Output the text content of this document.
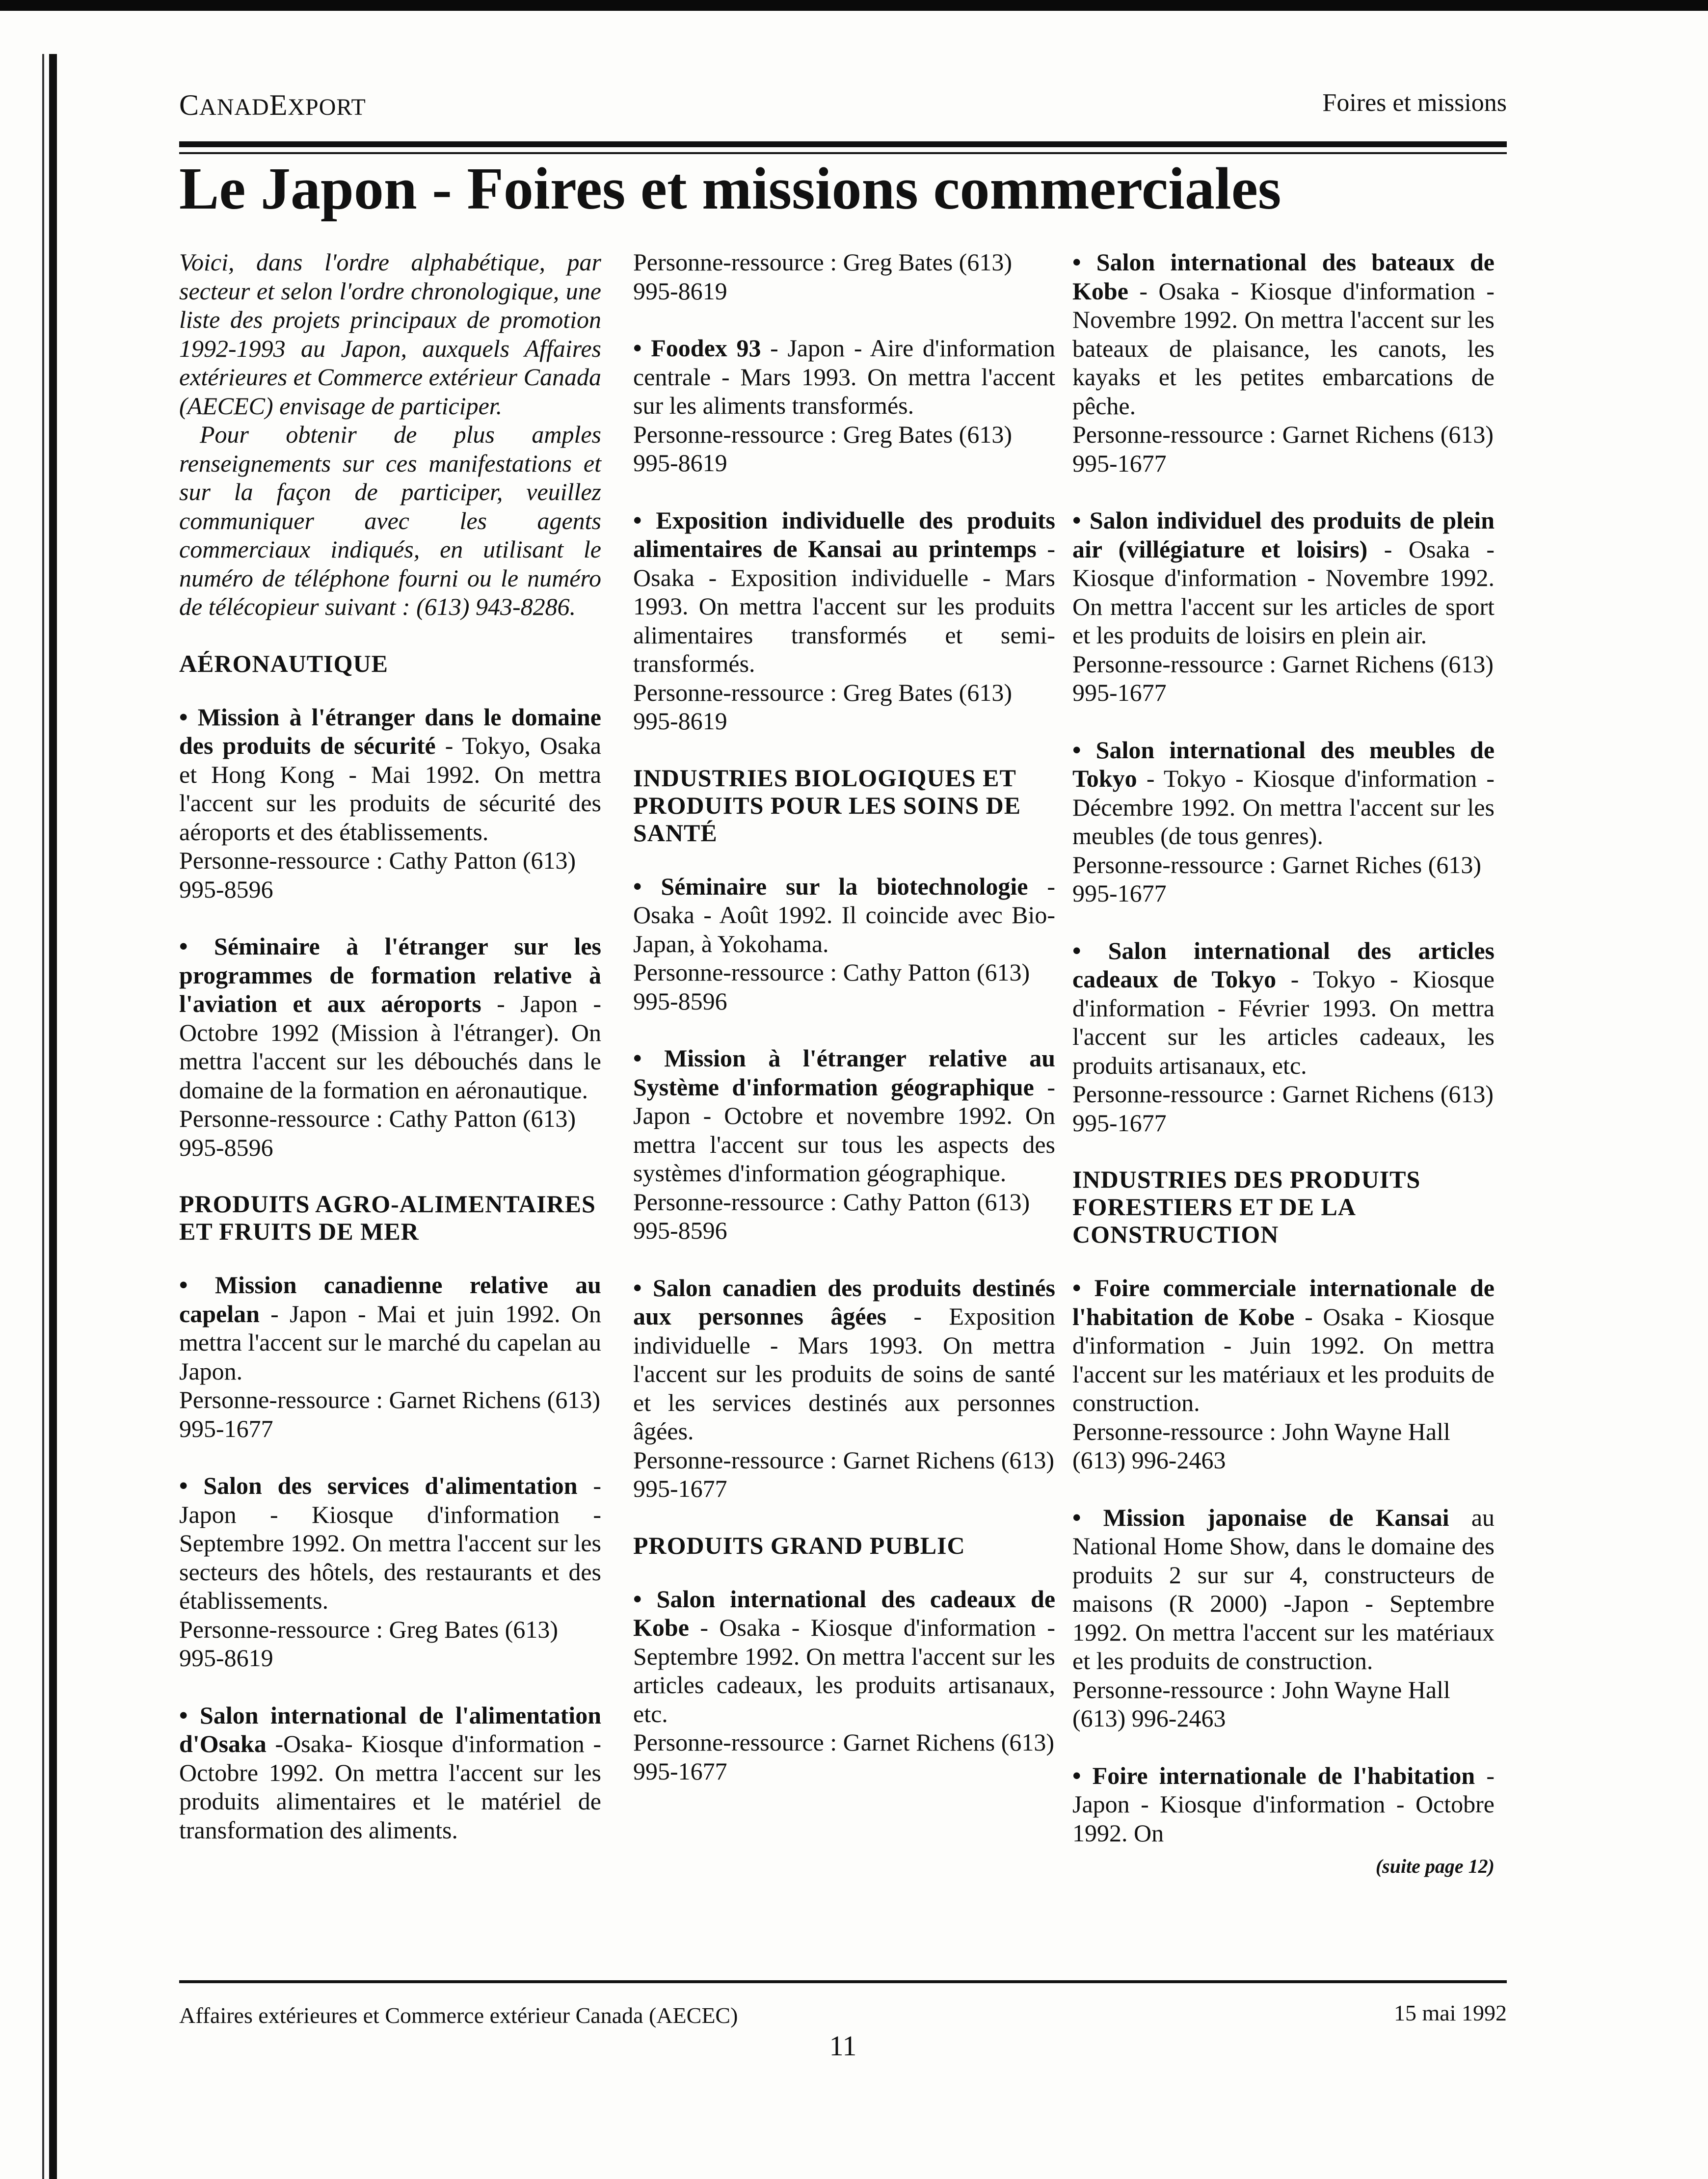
CANADEXPORT	Foires et missions
Le Japon - Foires et missions commerciales

Voici, dans l'ordre alphabétique, par secteur et selon l'ordre chronologique, une liste des projets principaux de promotion 1992-1993 au Japon, auxquels Affaires extérieures et Commerce extérieur Canada (AECEC) envisage de participer.

Pour obtenir de plus amples renseignements sur ces manifestations et sur la façon de participer, veuillez communiquer avec les agents commerciaux indiqués, en utilisant le numéro de téléphone fourni ou le numéro de télécopieur suivant : (613) 943-8286.

AÉRONAUTIQUE

• Mission à l'étranger dans le domaine des produits de sécurité - Tokyo, Osaka et Hong Kong - Mai 1992. On mettra l'accent sur les produits de sécurité des aéroports et des établissements.

Personne-ressource : Cathy Patton (613) 995-8596

• Séminaire à l'étranger sur les programmes de formation relative à l'aviation et aux aéroports - Japon - Octobre 1992 (Mission à l'étranger). On mettra l'accent sur les débouchés dans le domaine de la formation en aéronautique.

Personne-ressource : Cathy Patton (613) 995-8596

PRODUITS AGRO-ALIMENTAIRES ET FRUITS DE MER

• Mission canadienne relative au capelan - Japon - Mai et juin 1992. On mettra l'accent sur le marché du capelan au Japon.

Personne-ressource : Garnet Richens (613) 995-1677

• Salon des services d'alimentation - Japon - Kiosque d'information - Septembre 1992. On mettra l'accent sur les secteurs des hôtels, des restaurants et des établissements.

Personne-ressource : Greg Bates (613) 995-8619

• Salon international de l'alimentation d'Osaka -Osaka- Kiosque d'information - Octobre 1992. On mettra l'accent sur les produits alimentaires et le matériel de transformation des aliments.

Personne-ressource : Greg Bates (613) 995-8619

• Foodex 93 - Japon - Aire d'information centrale - Mars 1993. On mettra l'accent sur les aliments transformés.

Personne-ressource : Greg Bates (613) 995-8619

• Exposition individuelle des produits alimentaires de Kansai au printemps - Osaka - Exposition individuelle - Mars 1993. On mettra l'accent sur les produits alimentaires transformés et semi-transformés.

Personne-ressource : Greg Bates (613) 995-8619

INDUSTRIES BIOLOGIQUES ET PRODUITS POUR LES SOINS DE SANTÉ

• Séminaire sur la biotechnologie - Osaka - Août 1992. Il coincide avec Bio-Japan, à Yokohama.

Personne-ressource : Cathy Patton (613) 995-8596

• Mission à l'étranger relative au Système d'information géographique - Japon - Octobre et novembre 1992. On mettra l'accent sur tous les aspects des systèmes d'information géographique.

Personne-ressource : Cathy Patton (613) 995-8596

• Salon canadien des produits destinés aux personnes âgées - Exposition individuelle - Mars 1993. On mettra l'accent sur les produits de soins de santé et les services destinés aux personnes âgées.

Personne-ressource : Garnet Richens (613) 995-1677

PRODUITS GRAND PUBLIC

• Salon international des cadeaux de Kobe - Osaka - Kiosque d'information - Septembre 1992. On mettra l'accent sur les articles cadeaux, les produits artisanaux, etc.

Personne-ressource : Garnet Richens (613) 995-1677

• Salon international des bateaux de Kobe - Osaka - Kiosque d'information - Novembre 1992. On mettra l'accent sur les bateaux de plaisance, les canots, les kayaks et les petites embarcations de pêche.

Personne-ressource : Garnet Richens (613) 995-1677

• Salon individuel des produits de plein air (villégiature et loisirs) - Osaka - Kiosque d'information - Novembre 1992. On mettra l'accent sur les articles de sport et les produits de loisirs en plein air.

Personne-ressource : Garnet Richens (613) 995-1677

• Salon international des meubles de Tokyo - Tokyo - Kiosque d'information - Décembre 1992. On mettra l'accent sur les meubles (de tous genres).

Personne-ressource : Garnet Riches (613) 995-1677

• Salon international des articles cadeaux de Tokyo - Tokyo - Kiosque d'information - Février 1993. On mettra l'accent sur les articles cadeaux, les produits artisanaux, etc.

Personne-ressource : Garnet Richens (613) 995-1677

INDUSTRIES DES PRODUITS FORESTIERS ET DE LA CONSTRUCTION

• Foire commerciale internationale de l'habitation de Kobe - Osaka - Kiosque d'information - Juin 1992. On mettra l'accent sur les matériaux et les produits de construction.

Personne-ressource : John Wayne Hall (613) 996-2463

• Mission japonaise de Kansai au National Home Show, dans le domaine des produits 2 sur sur 4, constructeurs de maisons (R 2000) -Japon - Septembre 1992. On mettra l'accent sur les matériaux et les produits de construction.

Personne-ressource : John Wayne Hall (613) 996-2463

• Foire internationale de l'habitation - Japon - Kiosque d'information - Octobre 1992. On

(suite page 12)
Affaires extérieures et Commerce extérieur Canada (AECEC)	15 mai 1992
11
